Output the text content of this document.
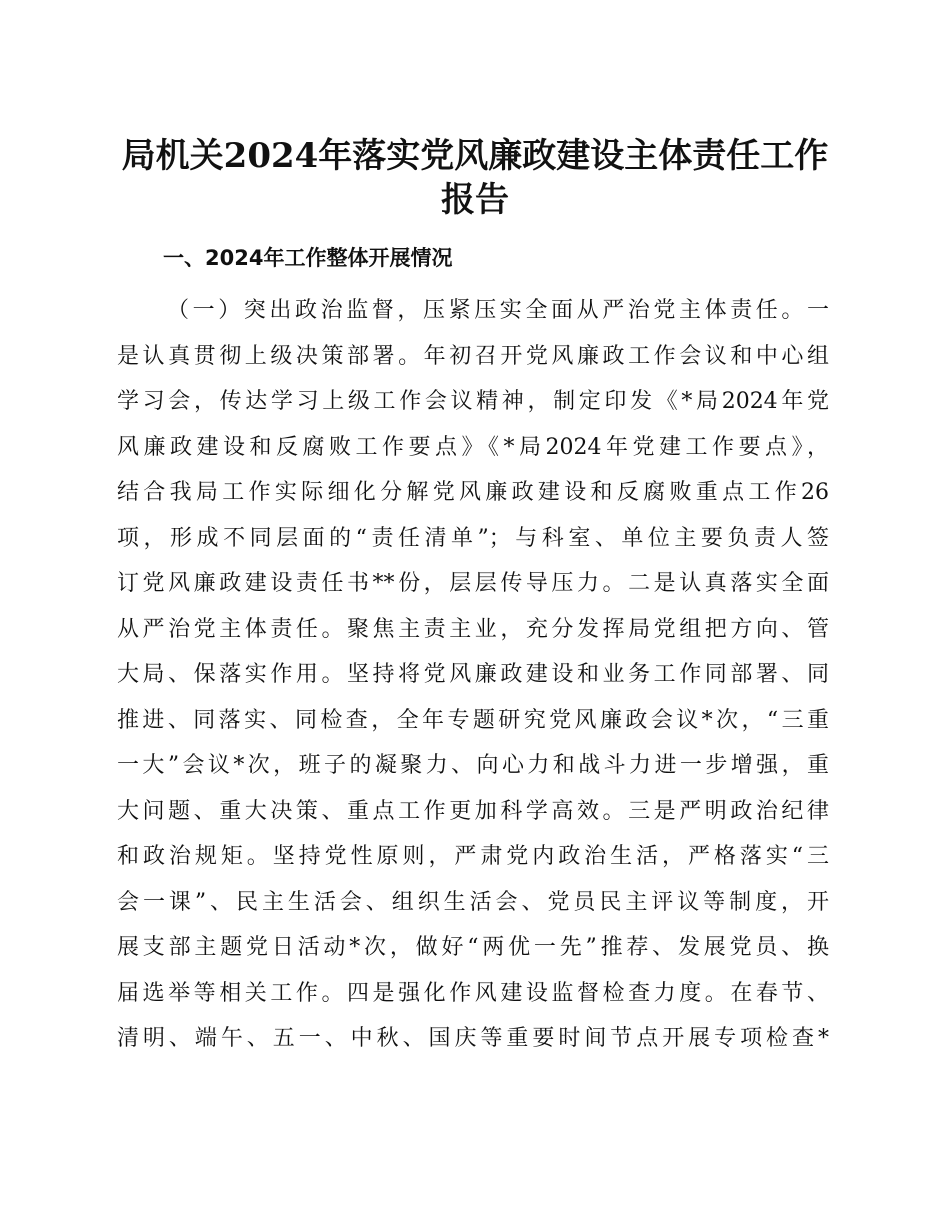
局机关2024年落实党风廉政建设主体责任工作
报告
一、2024年工作整体开展情况
（一）突出政治监督，压紧压实全面从严治党主体责任。一
是认真贯彻上级决策部署。年初召开党风廉政工作会议和中心组
学习会，传达学习上级工作会议精神，制定印发《*局2024年党
风廉政建设和反腐败工作要点》《*局2024年党建工作要点》，
结合我局工作实际细化分解党风廉政建设和反腐败重点工作26
项，形成不同层面的“责任清单”；与科室、单位主要负责人签
订党风廉政建设责任书**份，层层传导压力。二是认真落实全面
从严治党主体责任。聚焦主责主业，充分发挥局党组把方向、管
大局、保落实作用。坚持将党风廉政建设和业务工作同部署、同
推进、同落实、同检查，全年专题研究党风廉政会议*次，“三重
一大”会议*次，班子的凝聚力、向心力和战斗力进一步增强，重
大问题、重大决策、重点工作更加科学高效。三是严明政治纪律
和政治规矩。坚持党性原则，严肃党内政治生活，严格落实“三
会一课”、民主生活会、组织生活会、党员民主评议等制度，开
展支部主题党日活动*次，做好“两优一先”推荐、发展党员、换
届选举等相关工作。四是强化作风建设监督检查力度。在春节、
清明、端午、五一、中秋、国庆等重要时间节点开展专项检查*
